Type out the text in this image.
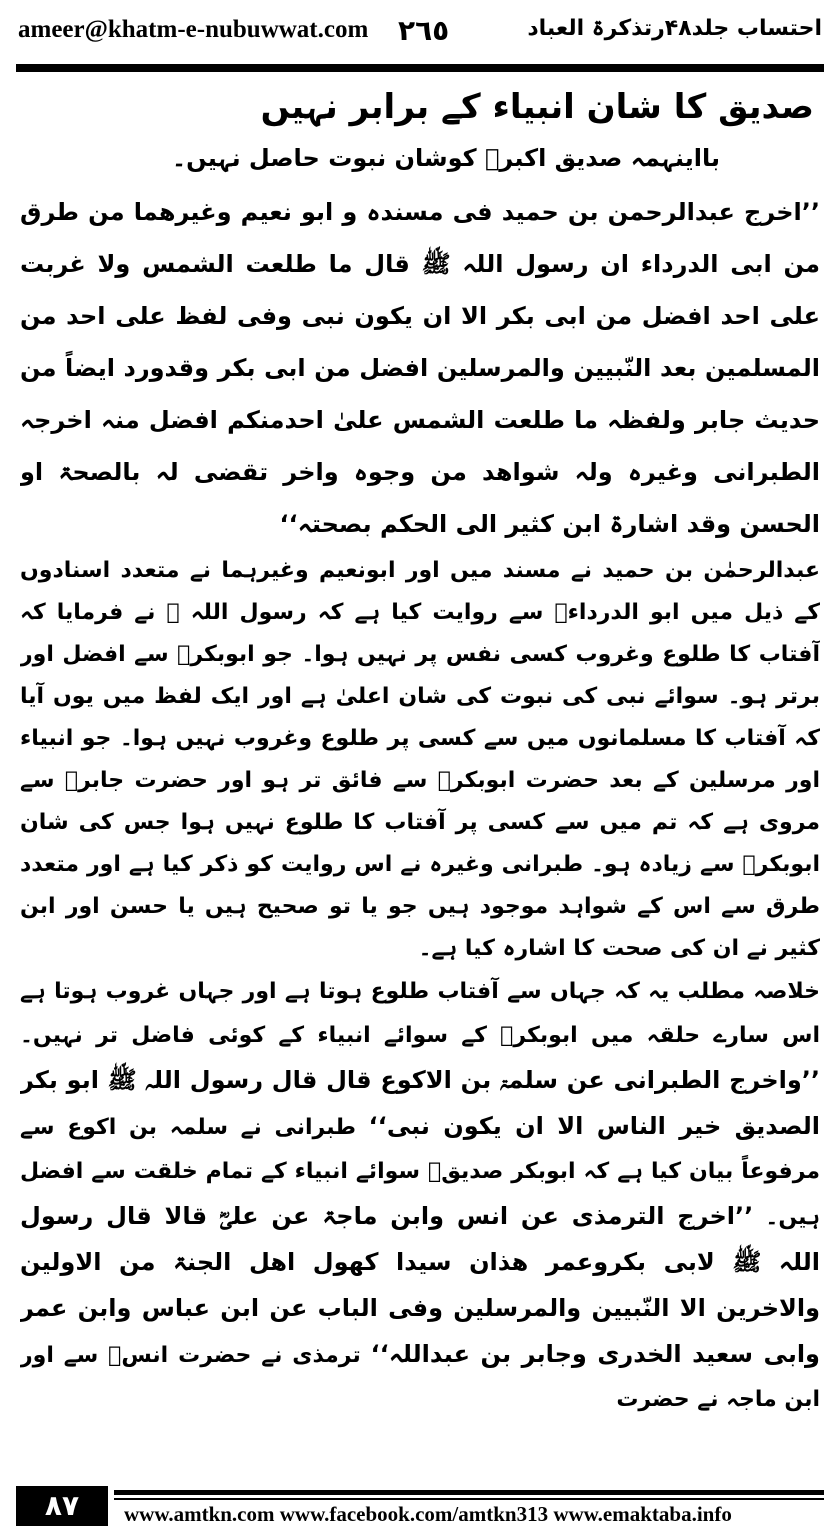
ameer@khatm-e-nubuwwat.com ٢٦٥	احتساب جلد۴۸رتذکرۃ العباد
صدیق کا شان انبیاء کے برابر نہیں
بااینہمہ صدیق اکبرؓ کوشان نبوت حاصل نہیں۔

’’اخرج عبدالرحمن بن حمید فی مسندہ و ابو نعیم وغیرھما من طرق من ابی الدرداء ان رسول اللہ ﷺ قال ما طلعت الشمس ولا غربت علی احد افضل من ابی بکر الا ان یکون نبی وفی لفظ علی احد من المسلمین بعد النّبیین والمرسلین افضل من ابی بکر وقدورد ایضاً من حدیث جابر ولفظہ ما طلعت الشمس علیٰ احدمنکم افضل منہ اخرجہ الطبرانی وغیرہ ولہ شواھد من وجوہ واخر تقضی لہ بالصحۃ او الحسن وقد اشارۃ ابن کثیر الی الحکم بصحتہ‘‘

عبدالرحمٰن بن حمید نے مسند میں اور ابونعیم وغیرہما نے متعدد اسنادوں کے ذیل میں ابو الدرداءؓ سے روایت کیا ہے کہ رسول اللہ ﷺ نے فرمایا کہ آفتاب کا طلوع وغروب کسی نفس پر نہیں ہوا۔ جو ابوبکرؓ سے افضل اور برتر ہو۔ سوائے نبی کی نبوت کی شان اعلیٰ ہے اور ایک لفظ میں یوں آیا کہ آفتاب کا مسلمانوں میں سے کسی پر طلوع وغروب نہیں ہوا۔ جو انبیاء اور مرسلین کے بعد حضرت ابوبکرؓ سے فائق تر ہو اور حضرت جابرؓ سے مروی ہے کہ تم میں سے کسی پر آفتاب کا طلوع نہیں ہوا جس کی شان ابوبکرؓ سے زیادہ ہو۔ طبرانی وغیرہ نے اس روایت کو ذکر کیا ہے اور متعدد طرق سے اس کے شواہد موجود ہیں جو یا تو صحیح ہیں یا حسن اور ابن کثیر نے ان کی صحت کا اشارہ کیا ہے۔

خلاصہ مطلب یہ کہ جہاں سے آفتاب طلوع ہوتا ہے اور جہاں غروب ہوتا ہے اس سارے حلقہ میں ابوبکرؓ کے سوائے انبیاء کے کوئی فاضل تر نہیں۔ ’’واخرج الطبرانی عن سلمۃ بن الاکوع قال قال رسول اللہ ﷺ ابو بکر الصدیق خیر الناس الا ان یکون نبی‘‘ طبرانی نے سلمہ بن اکوع سے مرفوعاً بیان کیا ہے کہ ابوبکر صدیقؓ سوائے انبیاء کے تمام خلقت سے افضل ہیں۔ ’’اخرج الترمذی عن انس وابن ماجۃ عن علیؓ قالا قال رسول اللہ ﷺ لابی بکروعمر ھذان سیدا کھول اھل الجنۃ من الاولین والاخرین الا النّبیین والمرسلین وفی الباب عن ابن عباس وابن عمر وابی سعید الخدری وجابر بن عبداللہ‘‘ ترمذی نے حضرت انسؓ سے اور ابن ماجہ نے حضرت

۸۷	www.amtkn.com www.facebook.com/amtkn313 www.emaktaba.info
